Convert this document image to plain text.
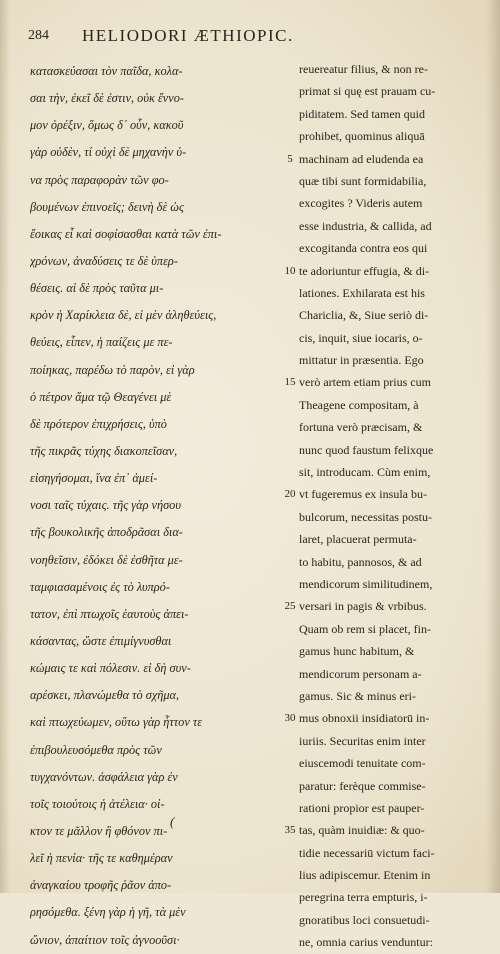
284 HELIODORI ÆTHIOPIC.
κατασκεύασαι τὸν παῖδα, κολα-
σαι τὴν, ἐκεῖ δὲ ἐστιν, οὐκ ἔννο-
μον ὀρέξιν, ὅμως δ᾽ οὖν, κακοῦ
γὰρ οὐδὲν, τί οὐχὶ δὲ μηχανὴν ὑ-
να πρὸς παραφορὰν τῶν φο-
βουμένων ἐπινοεῖς; δεινὴ δὲ ὡς
ἔοικας εἶ καὶ σοφίσασθαι κατὰ τῶν ἐπι-
χρόνων, ἀναδύσεις τε δὲ ὑπερ-
θέσεις. αἱ δὲ πρὸς ταῦτα μι-
κρὸν ἡ Χαρίκλεια δὲ, εἰ μὲν ἀληθεύεις,
θεύεις, εἶπεν, ἡ παίζεις με πε-
ποίηκας, παρέδω τὸ παρὸν, εἰ γὰρ
ὁ πέτρον ἅμα τῷ Θεαγένει μὲ
δὲ πρότερον ἐπιχρήσεις, ὑπὸ
τῆς πικρᾶς τύχης διακοπεῖσαν,
εἰσηγήσομαι, ἵνα ἐπ᾽ ἀμεί-
νοσι ταῖς τύχαις. τῆς γὰρ νήσου
τῆς βουκολικῆς ἀποδρᾶσαι δια-
νοηθεῖσιν, ἐδόκει δὲ ἐσθῆτα με-
ταμφιασαμένοις ἐς τὸ λυπρό-
τατον, ἐπὶ πτωχοῖς ἑαυτοὺς ἀπει-
κάσαντας, ὥστε ἐπιμίγνυσθαι
κώμαις τε καὶ πόλεσιν. εἰ δὴ συν-
αρέσκει, πλανώμεθα τὸ σχῆμα,
καὶ πτωχεύωμεν, οὕτω γὰρ ἧττον τε
ἐπιβουλευσόμεθα πρὸς τῶν
τυγχανόντων. ἀσφάλεια γὰρ ἐν
τοῖς τοιούτοις ἡ ἀτέλεια· οἰ-
κτον τε μᾶλλον ἢ φθόνον πι-
λεῖ ἡ πενία· τῆς τε καθημέραν
ἀναγκαίου τροφῆς ῥᾶον ἀπο-
ρησόμεθα. ξένη γὰρ ἡ γῆ, τὰ μὲν
ὤνιον, ἀπαίτιον τοῖς ἀγνοοῦσι·
5
10
15
20
25
30
35
reuereatur filius, & non re-
primat si quę est prauam cu-
piditatem. Sed tamen quid
prohibet, quominus aliquā
machinam ad eludenda ea
quæ tibi sunt formidabilia,
excogites ? Videris autem
esse industria, & callida, ad
excogitanda contra eos qui
te adoriuntur effugia, & di-
lationes. Exhilarata est his
Chariclia, &, Siue seriò di-
cis, inquit, siue iocaris, o-
mittatur in præsentia. Ego
verò artem etiam prius cum
Theagene compositam, à
fortuna verò præcisam, &
nunc quod faustum felixque
sit, introducam. Cùm enim,
vt fugeremus ex insula bu-
bulcorum, necessitas postu-
laret, placuerat permuta-
to habitu, pannosos, & ad
mendicorum similitudinem,
versari in pagis & vrbibus.
Quam ob rem si placet, fin-
gamus hunc habitum, &
mendicorum personam a-
gamus. Sic & minus eri-
mus obnoxii insidiatorū in-
iuriis. Securitas enim inter
eiuscemodi tenuitate com-
paratur: ferèque commise-
rationi propior est pauper-
tas, quàm inuidiæ: & quo-
tidie necessariū victum faci-
lius adipiscemur. Etenim in
peregrina terra empturis, i-
gnoratibus loci consuetudi-
ne, omnia carius venduntur:
(
